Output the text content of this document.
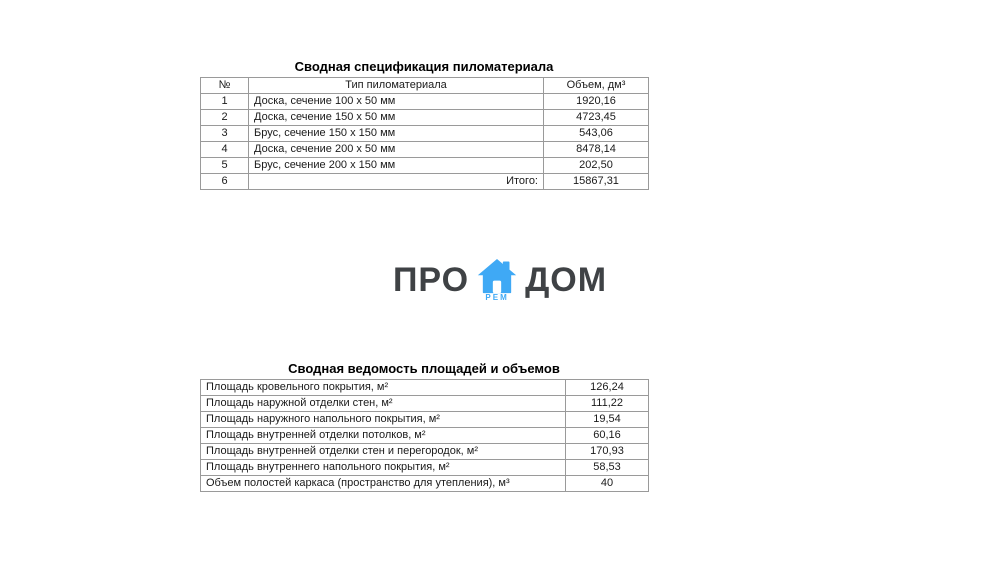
Сводная спецификация пиломатериала
№	Тип пиломатериала	Объем, дм³
1	Доска, сечение 100 х 50 мм	1920,16
2	Доска, сечение 150 х 50 мм	4723,45
3	Брус, сечение 150 х 150 мм	543,06
4	Доска, сечение 200 х 50 мм	8478,14
5	Брус, сечение 200 х 150 мм	202,50
6	Итого:	15867,31
ПРО РЕМ ДОМ
Сводная ведомость площадей и объемов
Площадь кровельного покрытия, м²	126,24
Площадь наружной отделки стен, м²	111,22
Площадь наружного напольного покрытия, м²	19,54
Площадь внутренней отделки потолков, м²	60,16
Площадь внутренней отделки стен и перегородок, м²	170,93
Площадь внутреннего напольного покрытия, м²	58,53
Объем полостей каркаса (пространство для утепления), м³	40
